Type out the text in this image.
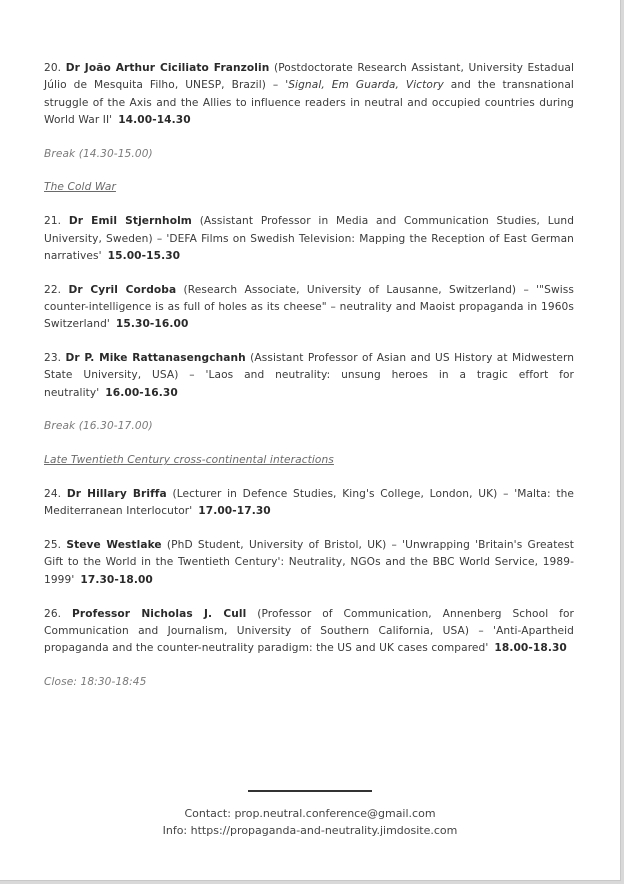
20. Dr João Arthur Ciciliato Franzolin (Postdoctorate Research Assistant, University Estadual Júlio de Mesquita Filho, UNESP, Brazil) – 'Signal, Em Guarda, Victory and the transnational struggle of the Axis and the Allies to influence readers in neutral and occupied countries during World War II' 14.00-14.30

Break (14.30-15.00)

The Cold War

21. Dr Emil Stjernholm (Assistant Professor in Media and Communication Studies, Lund University, Sweden) – 'DEFA Films on Swedish Television: Mapping the Reception of East German narratives' 15.00-15.30

22. Dr Cyril Cordoba (Research Associate, University of Lausanne, Switzerland) – '"Swiss counter-intelligence is as full of holes as its cheese" – neutrality and Maoist propaganda in 1960s Switzerland' 15.30-16.00

23. Dr P. Mike Rattanasengchanh (Assistant Professor of Asian and US History at Midwestern State University, USA) – 'Laos and neutrality: unsung heroes in a tragic effort for neutrality' 16.00-16.30

Break (16.30-17.00)

Late Twentieth Century cross-continental interactions

24. Dr Hillary Briffa (Lecturer in Defence Studies, King's College, London, UK) – 'Malta: the Mediterranean Interlocutor' 17.00-17.30

25. Steve Westlake (PhD Student, University of Bristol, UK) – 'Unwrapping 'Britain's Greatest Gift to the World in the Twentieth Century': Neutrality, NGOs and the BBC World Service, 1989-1999' 17.30-18.00

26. Professor Nicholas J. Cull (Professor of Communication, Annenberg School for Communication and Journalism, University of Southern California, USA) – 'Anti-Apartheid propaganda and the counter-neutrality paradigm: the US and UK cases compared' 18.00-18.30

Close: 18:30-18:45

Contact: prop.neutral.conference@gmail.com
Info: https://propaganda-and-neutrality.jimdosite.com
